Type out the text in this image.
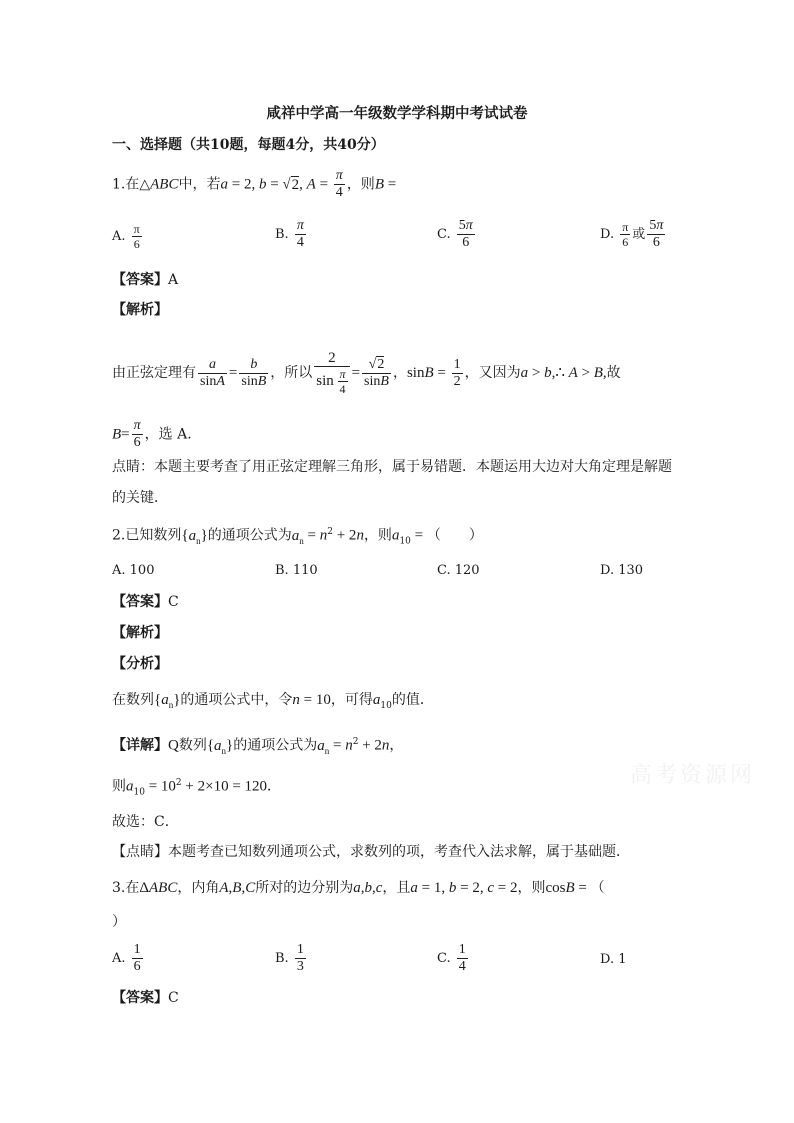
咸祥中学高一年级数学学科期中考试试卷
一、选择题（共10题，每题4分，共40分）
1.在△ABC中，若a = 2, b = √2, $A = \frac{\pi}{4}$ ，则B =
A. $\frac{\pi}{6}$	B. $\frac{\pi}{4}$	C. $\frac{5\pi}{6}$	D. $\frac{\pi}{6}$ 或 $\frac{5\pi}{6}$
【答案】A
【解析】
由正弦定理有 $\frac{a}{\sin A} = \frac{b}{\sin B}$ ，所以 $\frac{2}{\sin \frac{\pi}{4}} = \frac{√2}{\sin B}$ ，$\sin B = \frac{1}{2}$ ，又因为a > b,∴ A > B,故
$B= \frac{\pi}{6}$ ，选 A.
点睛：本题主要考查了用正弦定理解三角形，属于易错题．本题运用大边对大角定理是解题
的关键．
2.已知数列$\{a_n\}$的通项公式为$a_n = n^2 + 2n$，则$a_{10}$ = （　　）
A. 100	B. 110	C. 120	D. 130
【答案】C
【解析】
【分析】
在数列$\{a_n\}$的通项公式中，令n = 10，可得$a_{10}$的值．
【详解】Q数列$\{a_n\}$的通项公式为$a_n = n^2 + 2n$，
则$a_{10} = 10^2 + 2\times 10 = 120$．
故选：C．
【点睛】本题考查已知数列通项公式，求数列的项，考查代入法求解，属于基础题．
3.在ΔABC，内角A,B,C所对的边分别为a,b,c，且a = 1, b = 2, c = 2，则cosB = （
）
A. $\frac{1}{6}$	B. $\frac{1}{3}$	C. $\frac{1}{4}$	D. 1
【答案】C
高考资源网
